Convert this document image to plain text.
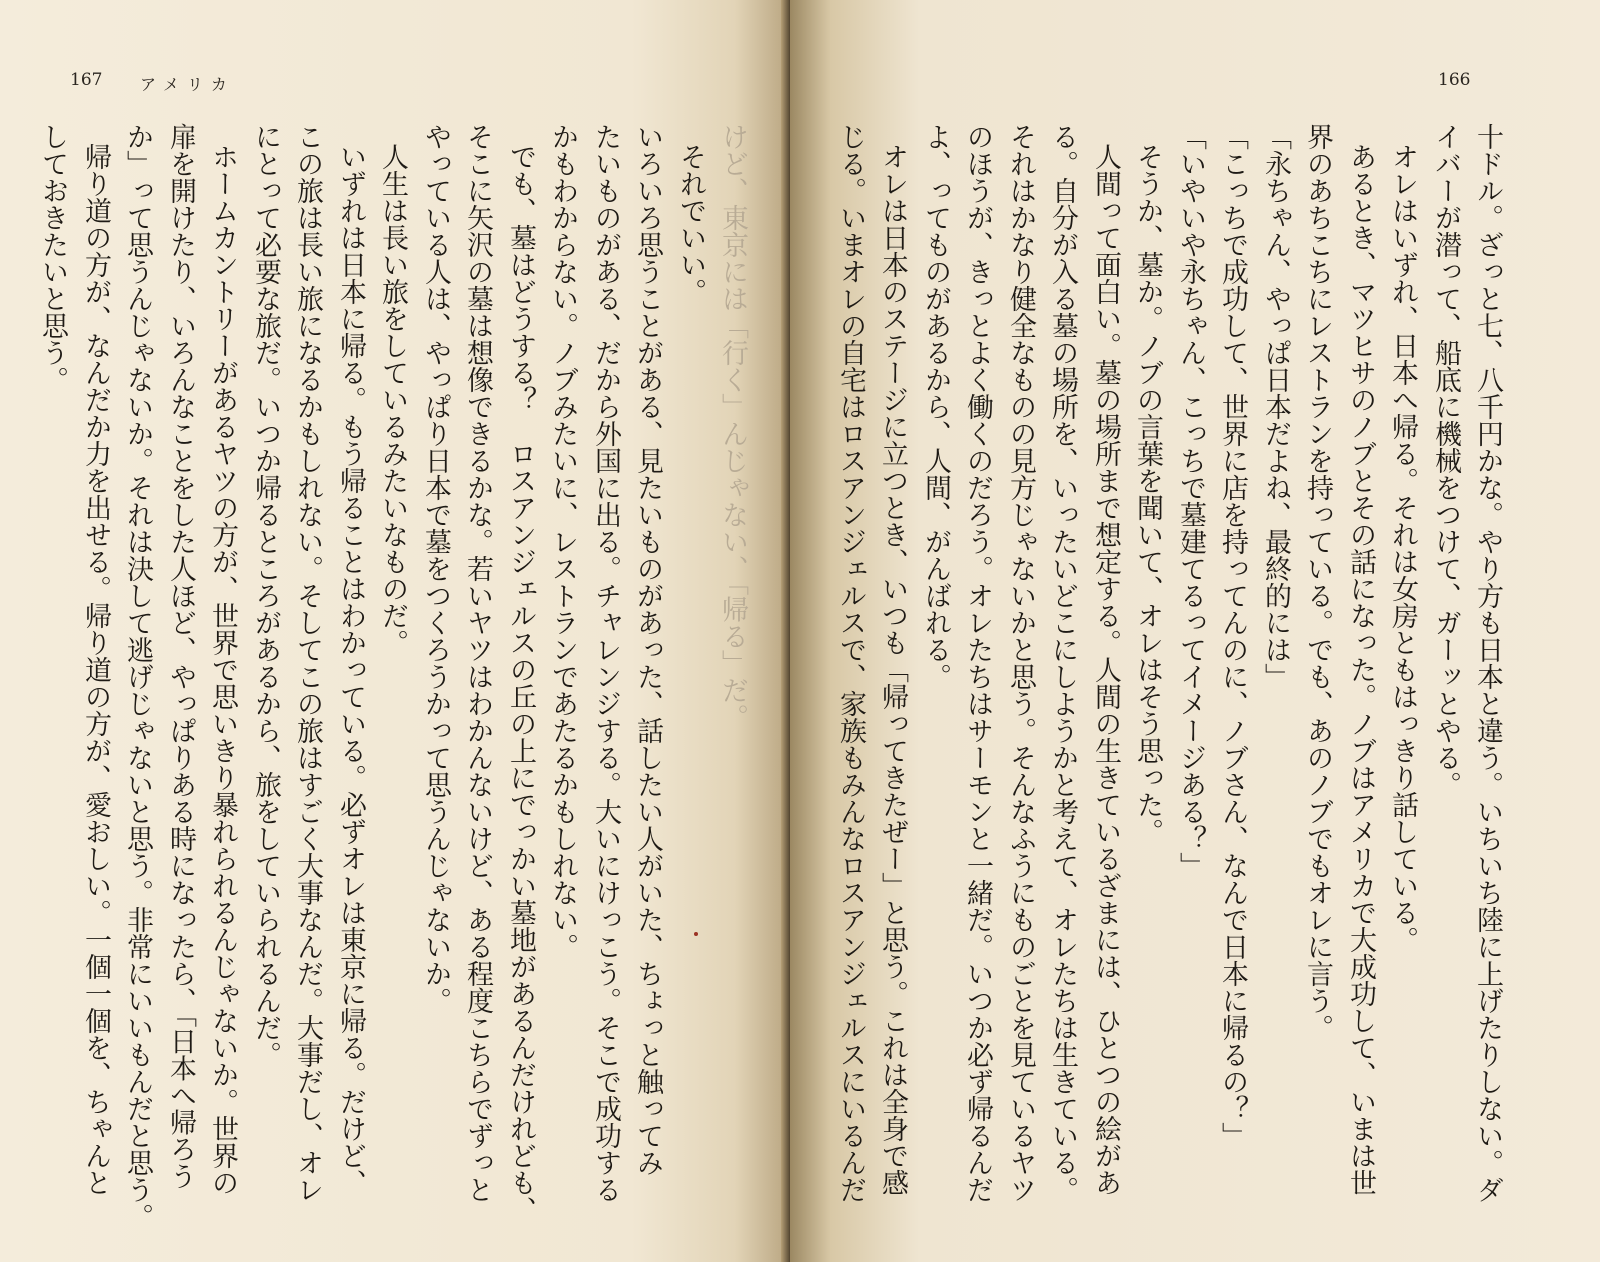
167 アメリカ
けど、東京には「行く」んじゃない、「帰る」だ。
それでいい。
いろいろ思うことがある、見たいものがあった、話したい人がいた、ちょっと触ってみ
たいものがある、だから外国に出る。チャレンジする。大いにけっこう。そこで成功する
かもわからない。ノブみたいに、レストランであたるかもしれない。
でも、墓はどうする？　ロスアンジェルスの丘の上にでっかい墓地があるんだけれども、
そこに矢沢の墓は想像できるかな。若いヤツはわかんないけど、ある程度こちらでずっと
やっている人は、やっぱり日本で墓をつくろうかって思うんじゃないか。
人生は長い旅をしているみたいなものだ。
いずれは日本に帰る。もう帰ることはわかっている。必ずオレは東京に帰る。だけど、
この旅は長い旅になるかもしれない。そしてこの旅はすごく大事なんだ。大事だし、オレ
にとって必要な旅だ。いつか帰るところがあるから、旅をしていられるんだ。
ホームカントリーがあるヤツの方が、世界で思いきり暴れられるんじゃないか。世界の
扉を開けたり、いろんなことをした人ほど、やっぱりある時になったら、「日本へ帰ろう
か」って思うんじゃないか。それは決して逃げじゃないと思う。非常にいいもんだと思う。
帰り道の方が、なんだか力を出せる。帰り道の方が、愛おしい。一個一個を、ちゃんと
しておきたいと思う。
166
十ドル。ざっと七、八千円かな。やり方も日本と違う。いちいち陸に上げたりしない。ダ
イバーが潜って、船底に機械をつけて、ガーッとやる。
オレはいずれ、日本へ帰る。それは女房ともはっきり話している。
あるとき、マツヒサのノブとその話になった。ノブはアメリカで大成功して、いまは世
界のあちこちにレストランを持っている。でも、あのノブでもオレに言う。
「永ちゃん、やっぱ日本だよね、最終的には」
「こっちで成功して、世界に店を持ってんのに、ノブさん、なんで日本に帰るの？」
「いやいや永ちゃん、こっちで墓建てるってイメージある？」
そうか、墓か。ノブの言葉を聞いて、オレはそう思った。
人間って面白い。墓の場所まで想定する。人間の生きているざまには、ひとつの絵があ
る。自分が入る墓の場所を、いったいどこにしようかと考えて、オレたちは生きている。
それはかなり健全なものの見方じゃないかと思う。そんなふうにものごとを見ているヤツ
のほうが、きっとよく働くのだろう。オレたちはサーモンと一緒だ。いつか必ず帰るんだ
よ、ってものがあるから、人間、がんばれる。
オレは日本のステージに立つとき、いつも「帰ってきたぜー」と思う。これは全身で感
じる。いまオレの自宅はロスアンジェルスで、家族もみんなロスアンジェルスにいるんだ
